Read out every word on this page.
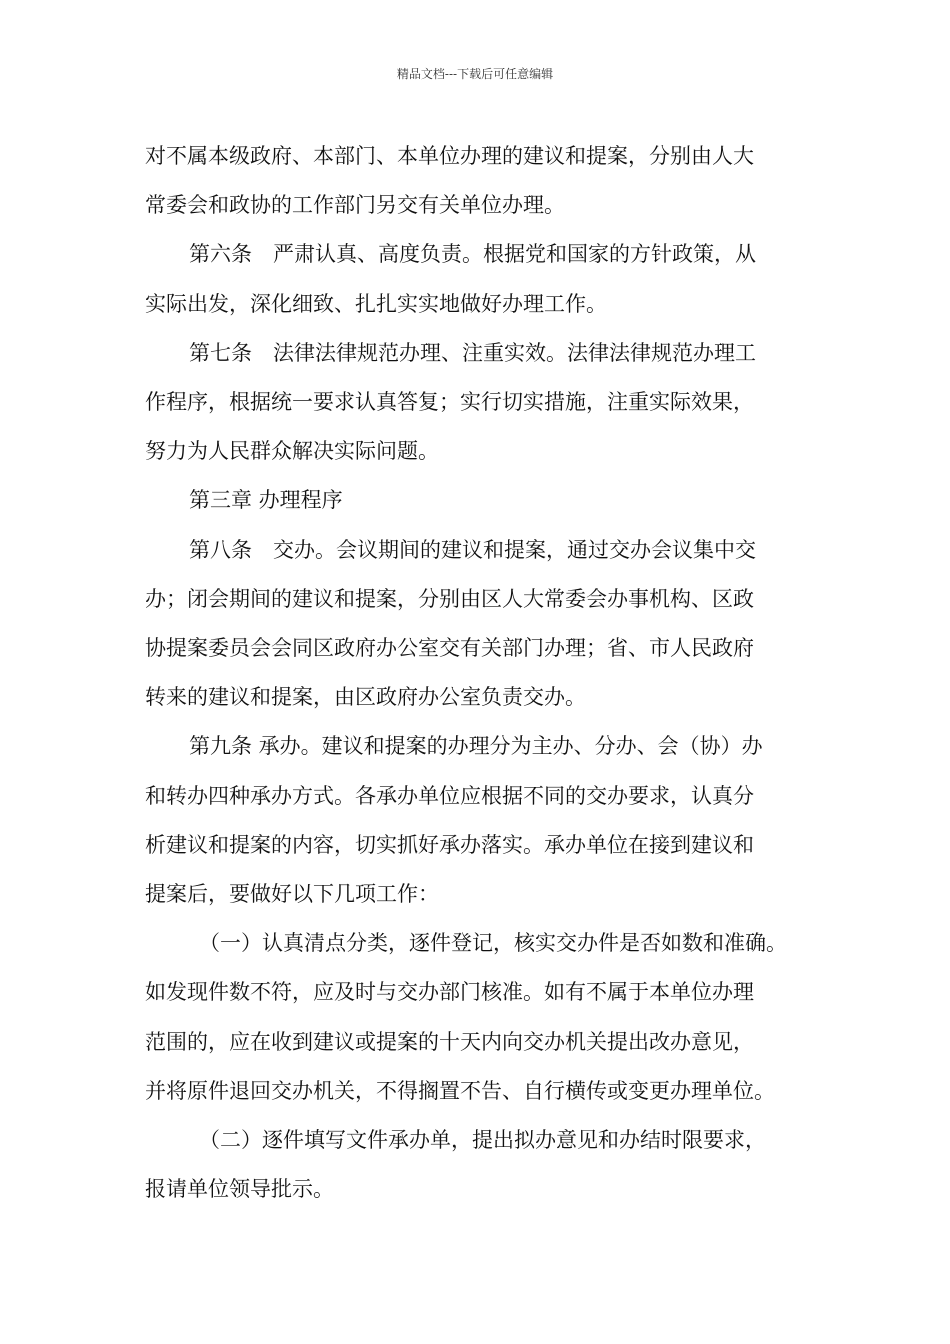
精品文档---下载后可任意编辑

对不属本级政府、本部门、本单位办理的建议和提案，分别由人大
常委会和政协的工作部门另交有关单位办理。

第六条　严肃认真、高度负责。根据党和国家的方针政策，从
实际出发，深化细致、扎扎实实地做好办理工作。

第七条　法律法律规范办理、注重实效。法律法律规范办理工
作程序，根据统一要求认真答复；实行切实措施，注重实际效果，
努力为人民群众解决实际问题。

第三章 办理程序

第八条　交办。会议期间的建议和提案，通过交办会议集中交
办；闭会期间的建议和提案，分别由区人大常委会办事机构、区政
协提案委员会会同区政府办公室交有关部门办理；省、市人民政府
转来的建议和提案，由区政府办公室负责交办。

第九条 承办。建议和提案的办理分为主办、分办、会（协）办
和转办四种承办方式。各承办单位应根据不同的交办要求，认真分
析建议和提案的内容，切实抓好承办落实。承办单位在接到建议和
提案后，要做好以下几项工作：

（一）认真清点分类，逐件登记，核实交办件是否如数和准确。
如发现件数不符，应及时与交办部门核准。如有不属于本单位办理
范围的，应在收到建议或提案的十天内向交办机关提出改办意见，
并将原件退回交办机关，不得搁置不告、自行横传或变更办理单位。

（二）逐件填写文件承办单，提出拟办意见和办结时限要求，
报请单位领导批示。
